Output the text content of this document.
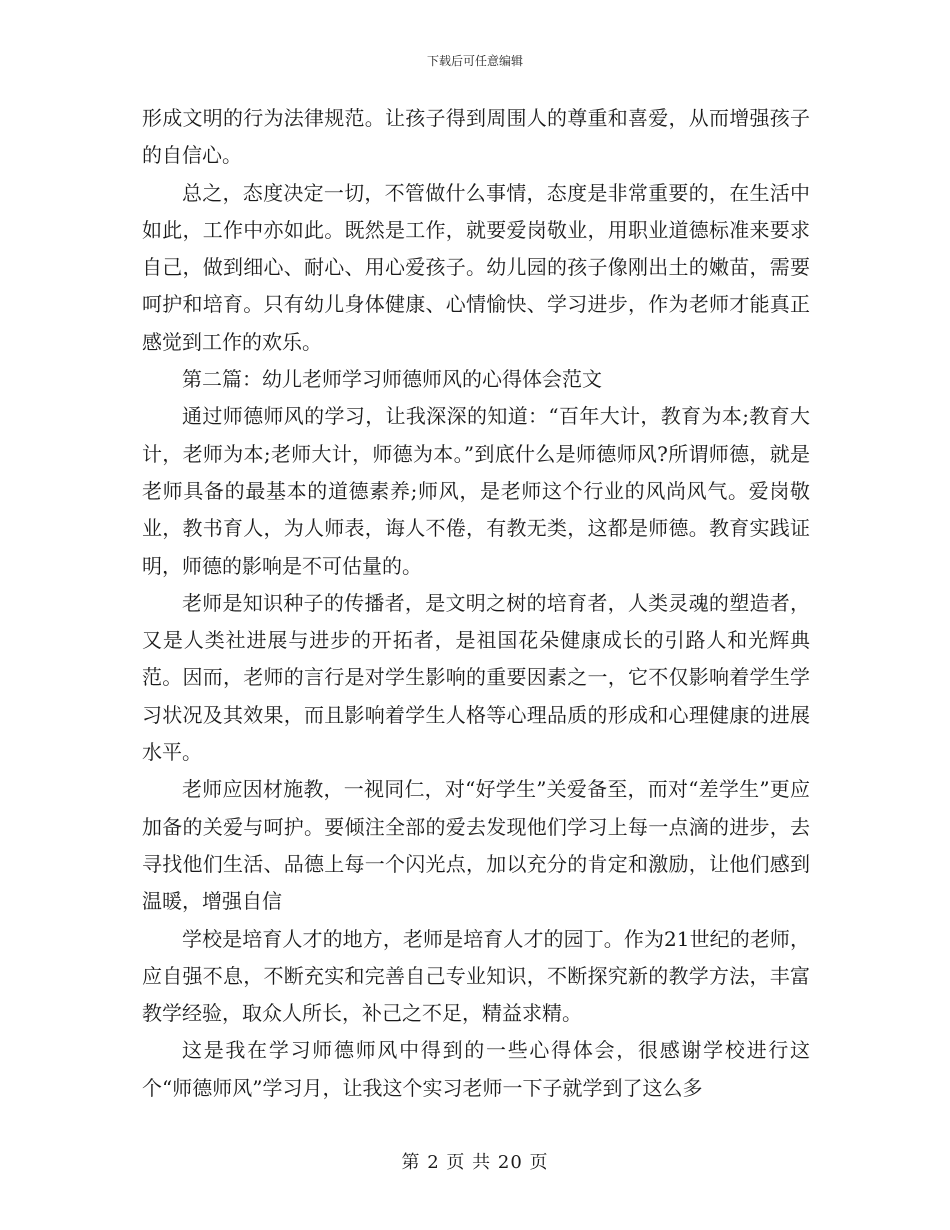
下载后可任意编辑

形成文明的行为法律规范。让孩子得到周围人的尊重和喜爱，从而增强孩子的自信心。

总之，态度决定一切，不管做什么事情，态度是非常重要的，在生活中如此，工作中亦如此。既然是工作，就要爱岗敬业，用职业道德标准来要求自己，做到细心、耐心、用心爱孩子。幼儿园的孩子像刚出土的嫩苗，需要呵护和培育。只有幼儿身体健康、心情愉快、学习进步，作为老师才能真正感觉到工作的欢乐。

第二篇：幼儿老师学习师德师风的心得体会范文

通过师德师风的学习，让我深深的知道：“百年大计，教育为本;教育大计，老师为本;老师大计，师德为本。”到底什么是师德师风?所谓师德，就是老师具备的最基本的道德素养;师风，是老师这个行业的风尚风气。爱岗敬业，教书育人，为人师表，诲人不倦，有教无类，这都是师德。教育实践证明，师德的影响是不可估量的。

老师是知识种子的传播者，是文明之树的培育者，人类灵魂的塑造者，又是人类社进展与进步的开拓者，是祖国花朵健康成长的引路人和光辉典范。因而，老师的言行是对学生影响的重要因素之一，它不仅影响着学生学习状况及其效果，而且影响着学生人格等心理品质的形成和心理健康的进展水平。

老师应因材施教，一视同仁，对“好学生”关爱备至，而对“差学生”更应加备的关爱与呵护。要倾注全部的爱去发现他们学习上每一点滴的进步，去寻找他们生活、品德上每一个闪光点，加以充分的肯定和激励，让他们感到温暖，增强自信

学校是培育人才的地方，老师是培育人才的园丁。作为21世纪的老师，应自强不息，不断充实和完善自己专业知识，不断探究新的教学方法，丰富教学经验，取众人所长，补己之不足，精益求精。

这是我在学习师德师风中得到的一些心得体会，很感谢学校进行这个“师德师风”学习月，让我这个实习老师一下子就学到了这么多

第 2 页 共 20 页
